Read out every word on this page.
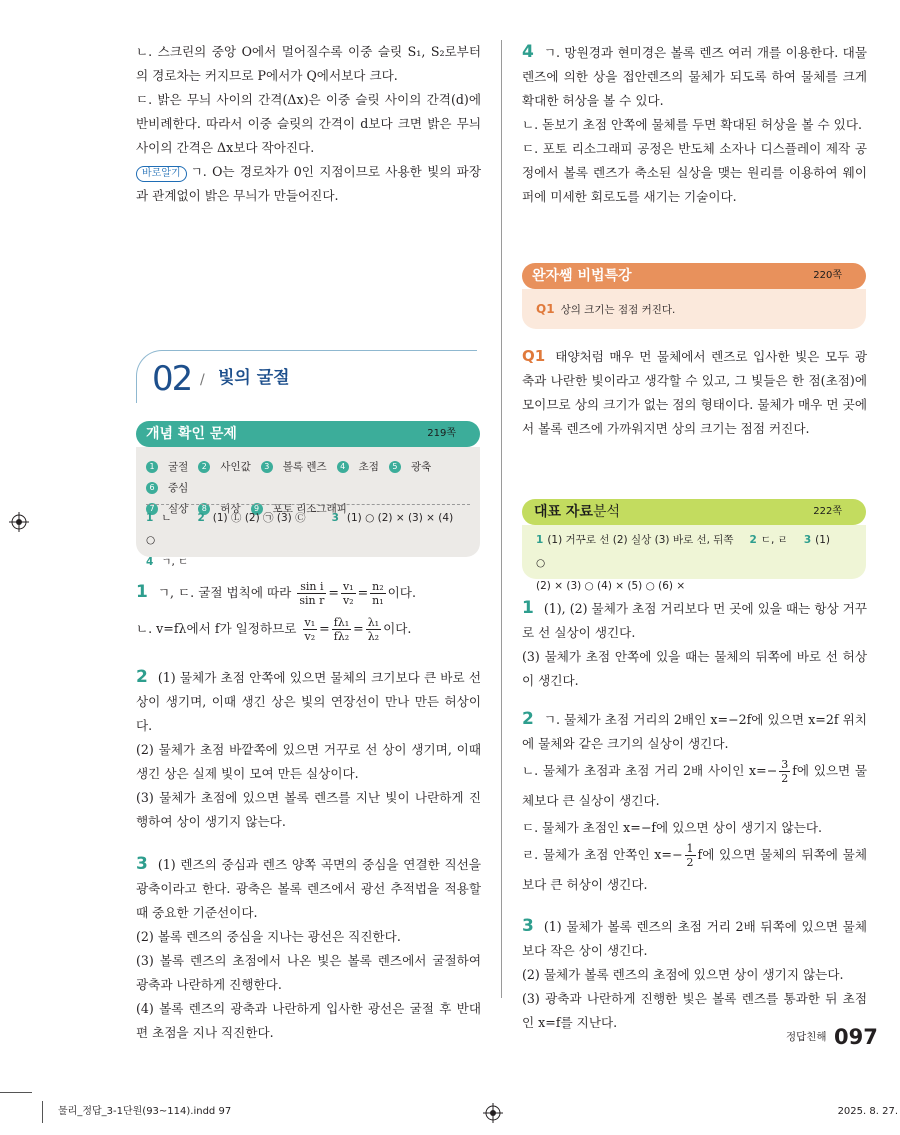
ㄴ. 스크린의 중앙 O에서 멀어질수록 이중 슬릿 S₁, S₂로부터의 경로차는 커지므로 P에서가 Q에서보다 크다.

ㄷ. 밝은 무늬 사이의 간격(Δx)은 이중 슬릿 사이의 간격(d)에 반비례한다. 따라서 이중 슬릿의 간격이 d보다 크면 밝은 무늬 사이의 간격은 Δx보다 작아진다.

바로알기 ㄱ. O는 경로차가 0인 지점이므로 사용한 빛의 파장과 관계없이 밝은 무늬가 만들어진다.

02 / 빛의 굴절
개념 확인 문제	219쪽
1 굴절 2 사인값 3 볼록 렌즈 4 초점 5 광축6 중심
7 실상 8 허상 9 포토 리소그래피
1 ㄴ 2 (1) Ⓛ (2) ㉠ (3) Ⓒ 3 (1) ○ (2) × (3) × (4) ○
4 ㄱ, ㄷ

1 ㄱ, ㄷ. 굴절 법칙에 따라 $\frac{\text{sin i}}{\text{sin r}} = \frac{\text{v₁}}{\text{v₂}} = \frac{\text{n₂}}{\text{n₁}}$ 이다.

ㄴ. v=fλ에서 f가 일정하므로 $\frac{\text{v₁}}{\text{v₂}} = \frac{\text{fλ₁}}{\text{fλ₂}} = \frac{\text{λ₁}}{\text{λ₂}}$ 이다.

2 (1) 물체가 초점 안쪽에 있으면 물체의 크기보다 큰 바로 선 상이 생기며, 이때 생긴 상은 빛의 연장선이 만나 만든 허상이다.

(2) 물체가 초점 바깥쪽에 있으면 거꾸로 선 상이 생기며, 이때 생긴 상은 실제 빛이 모여 만든 실상이다.

(3) 물체가 초점에 있으면 볼록 렌즈를 지난 빛이 나란하게 진행하여 상이 생기지 않는다.

3 (1) 렌즈의 중심과 렌즈 양쪽 곡면의 중심을 연결한 직선을 광축이라고 한다. 광축은 볼록 렌즈에서 광선 추적법을 적용할 때 중요한 기준선이다.

(2) 볼록 렌즈의 중심을 지나는 광선은 직진한다.

(3) 볼록 렌즈의 초점에서 나온 빛은 볼록 렌즈에서 굴절하여 광축과 나란하게 진행한다.

(4) 볼록 렌즈의 광축과 나란하게 입사한 광선은 굴절 후 반대편 초점을 지나 직진한다.

4 ㄱ. 망원경과 현미경은 볼록 렌즈 여러 개를 이용한다. 대물렌즈에 의한 상을 접안렌즈의 물체가 되도록 하여 물체를 크게 확대한 허상을 볼 수 있다.

ㄴ. 돋보기 초점 안쪽에 물체를 두면 확대된 허상을 볼 수 있다.

ㄷ. 포토 리소그래피 공정은 반도체 소자나 디스플레이 제작 공정에서 볼록 렌즈가 축소된 실상을 맺는 원리를 이용하여 웨이퍼에 미세한 회로도를 새기는 기술이다.

완자쌤 비법특강	220쪽
Q1 상의 크기는 점점 커진다.

Q1 태양처럼 매우 먼 물체에서 렌즈로 입사한 빛은 모두 광축과 나란한 빛이라고 생각할 수 있고, 그 빛들은 한 점(초점)에 모이므로 상의 크기가 없는 점의 형태이다. 물체가 매우 먼 곳에서 볼록 렌즈에 가까워지면 상의 크기는 점점 커진다.

대표 자료분석	222쪽
1 (1) 거꾸로 선 (2) 실상 (3) 바로 선, 뒤쪽 2 ㄷ, ㄹ 3 (1) ○
(2) × (3) ○ (4) × (5) ○ (6) ×

1 (1), (2) 물체가 초점 거리보다 먼 곳에 있을 때는 항상 거꾸로 선 실상이 생긴다.

(3) 물체가 초점 안쪽에 있을 때는 물체의 뒤쪽에 바로 선 허상이 생긴다.

2 ㄱ. 물체가 초점 거리의 2배인 x=−2f에 있으면 x=2f 위치에 물체와 같은 크기의 실상이 생긴다.

ㄴ. 물체가 초점과 초점 거리 2배 사이인 $x=- \frac{3}{2}$ f에 있으면 물체보다 큰 실상이 생긴다.

ㄷ. 물체가 초점인 x=−f에 있으면 상이 생기지 않는다.

ㄹ. 물체가 초점 안쪽인 $x=- \frac{1}{2}$ f에 있으면 물체의 뒤쪽에 물체보다 큰 허상이 생긴다.

3 (1) 물체가 볼록 렌즈의 초점 거리 2배 뒤쪽에 있으면 물체보다 작은 상이 생긴다.

(2) 물체가 볼록 렌즈의 초점에 있으면 상이 생기지 않는다.

(3) 광축과 나란하게 진행한 빛은 볼록 렌즈를 통과한 뒤 초점인 x=f를 지난다.

정답친해 097
물리_정답_3-1단원(93~114).indd 97	2025. 8. 27.
